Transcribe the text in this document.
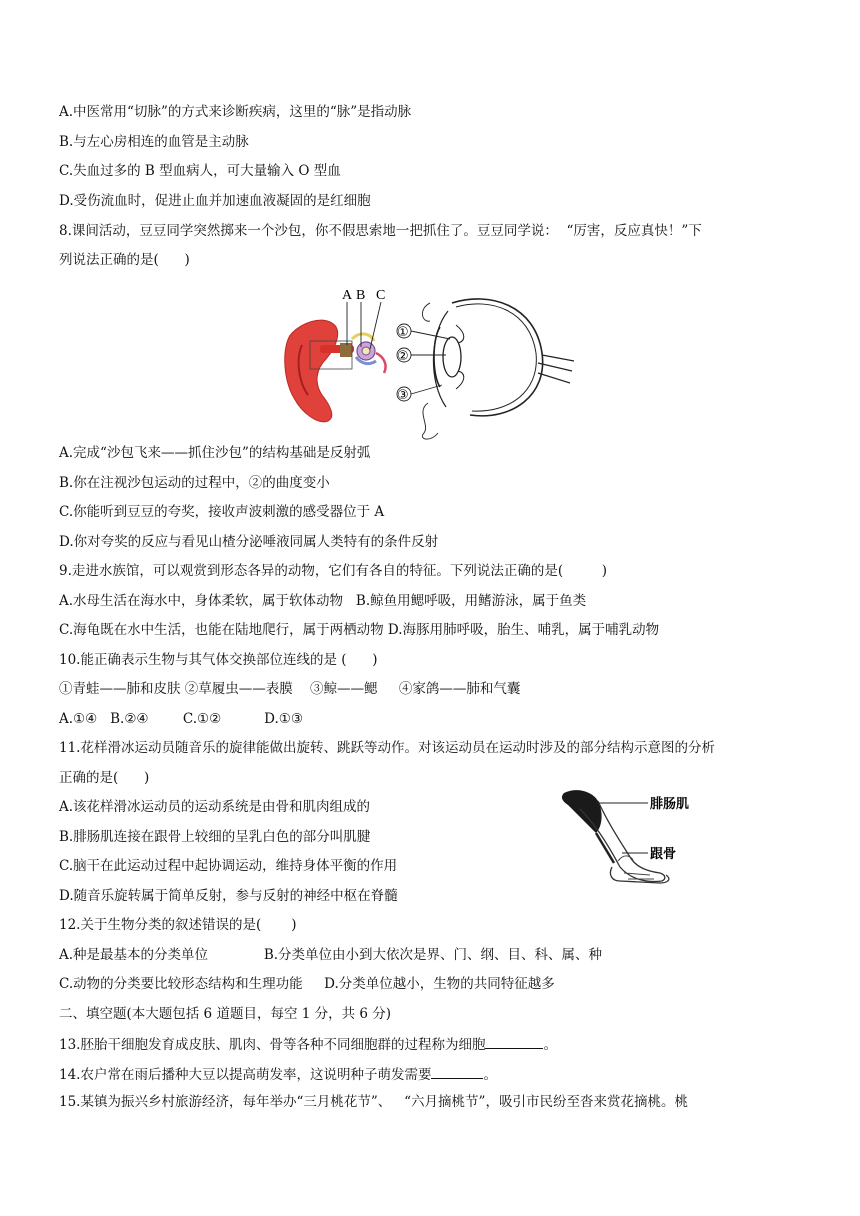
A.中医常用“切脉”的方式来诊断疾病，这里的“脉”是指动脉
B.与左心房相连的血管是主动脉
C.失血过多的 B 型血病人，可大量输入 O 型血
D.受伤流血时，促进止血并加速血液凝固的是红细胞
8.课间活动，豆豆同学突然掷来一个沙包，你不假思索地一把抓住了。豆豆同学说：  “厉害，反应真快！”下
列说法正确的是(      )
A B C
①
②
③
A.完成“沙包飞来——抓住沙包”的结构基础是反射弧
B.你在注视沙包运动的过程中，②的曲度变小
C.你能听到豆豆的夸奖，接收声波刺激的感受器位于 A
D.你对夸奖的反应与看见山楂分泌唾液同属人类特有的条件反射
9.走进水族馆，可以观赏到形态各异的动物，它们有各自的特征。下列说法正确的是(         )
A.水母生活在海水中，身体柔软，属于软体动物   B.鲸鱼用鳃呼吸，用鳍游泳，属于鱼类
C.海龟既在水中生活，也能在陆地爬行，属于两栖动物 D.海豚用肺呼吸，胎生、哺乳，属于哺乳动物
10.能正确表示生物与其气体交换部位连线的是 (      )
①青蛙——肺和皮肤 ②草履虫——表膜    ③鲸——鳃     ④家鸽——肺和气囊
A.①④   B.②④        C.①②          D.①③
11.花样滑冰运动员随音乐的旋律能做出旋转、跳跃等动作。对该运动员在运动时涉及的部分结构示意图的分析
正确的是(      )
腓肠肌
跟骨
A.该花样滑冰运动员的运动系统是由骨和肌肉组成的
B.腓肠肌连接在跟骨上较细的呈乳白色的部分叫肌腱
C.脑干在此运动过程中起协调运动，维持身体平衡的作用
D.随音乐旋转属于简单反射，参与反射的神经中枢在脊髓
12.关于生物分类的叙述错误的是(       )
A.种是最基本的分类单位             B.分类单位由小到大依次是界、门、纲、目、科、属、种
C.动物的分类要比较形态结构和生理功能     D.分类单位越小，生物的共同特征越多
二、填空题(本大题包括 6 道题目，每空 1 分，共 6 分)
13.胚胎干细胞发育成皮肤、肌肉、骨等各种不同细胞群的过程称为细胞	。
14.农户常在雨后播种大豆以提高萌发率，这说明种子萌发需要	。
15.某镇为振兴乡村旅游经济，每年举办“三月桃花节”、   “六月摘桃节”，吸引市民纷至沓来赏花摘桃。桃
